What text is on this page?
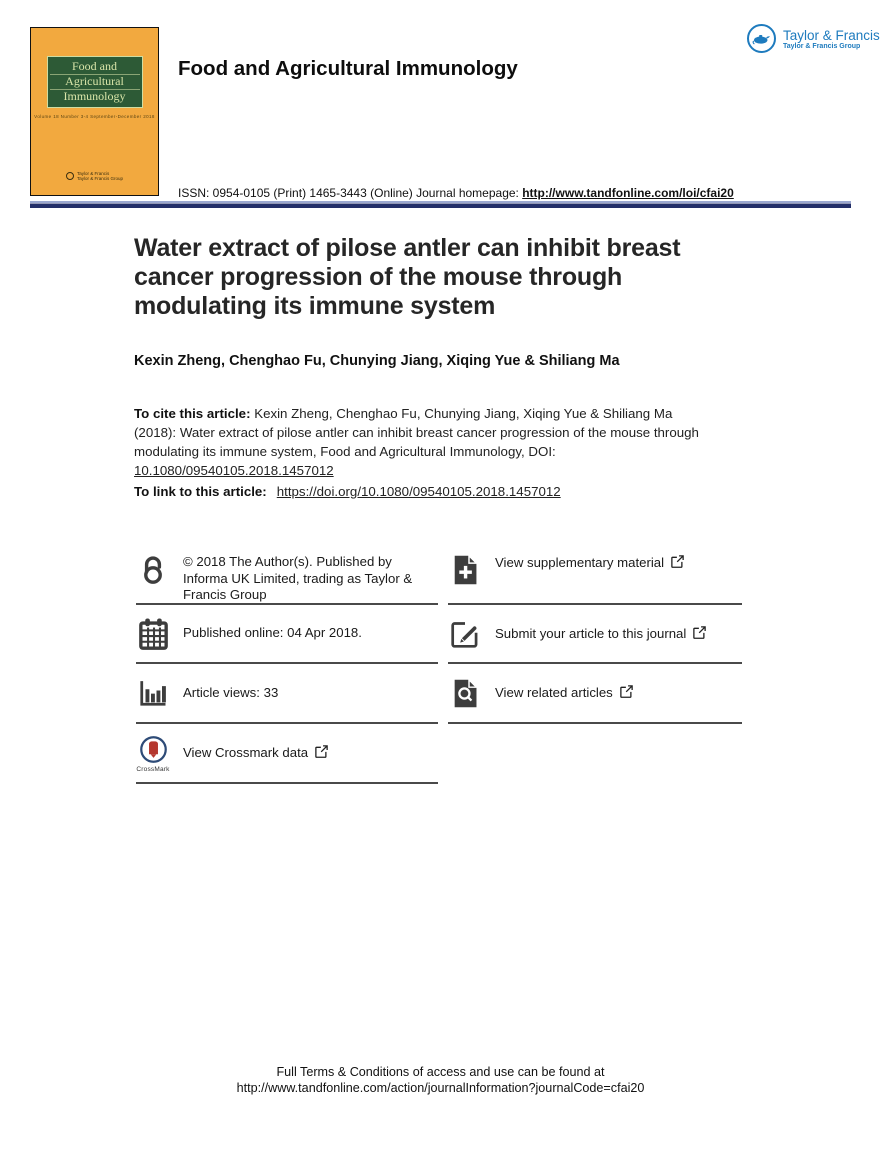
Food and
Agricultural
Immunology
Volume 18 Number 3-4 September-December 2018
Taylor & Francis
Taylor & Francis Group
Food and Agricultural Immunology
Taylor & Francis
Taylor & Francis Group
ISSN: 0954-0105 (Print) 1465-3443 (Online) Journal homepage: http://www.tandfonline.com/loi/cfai20
Water extract of pilose antler can inhibit breast cancer progression of the mouse through modulating its immune system
Kexin Zheng, Chenghao Fu, Chunying Jiang, Xiqing Yue & Shiliang Ma
To cite this article: Kexin Zheng, Chenghao Fu, Chunying Jiang, Xiqing Yue & Shiliang Ma (2018): Water extract of pilose antler can inhibit breast cancer progression of the mouse through modulating its immune system, Food and Agricultural Immunology, DOI: 10.1080/09540105.2018.1457012
To link to this article: https://doi.org/10.1080/09540105.2018.1457012
© 2018 The Author(s). Published by Informa UK Limited, trading as Taylor & Francis Group
Published online: 04 Apr 2018.
Article views: 33
CrossMark
View Crossmark data
View supplementary material
Submit your article to this journal
View related articles
Full Terms & Conditions of access and use can be found at
http://www.tandfonline.com/action/journalInformation?journalCode=cfai20
